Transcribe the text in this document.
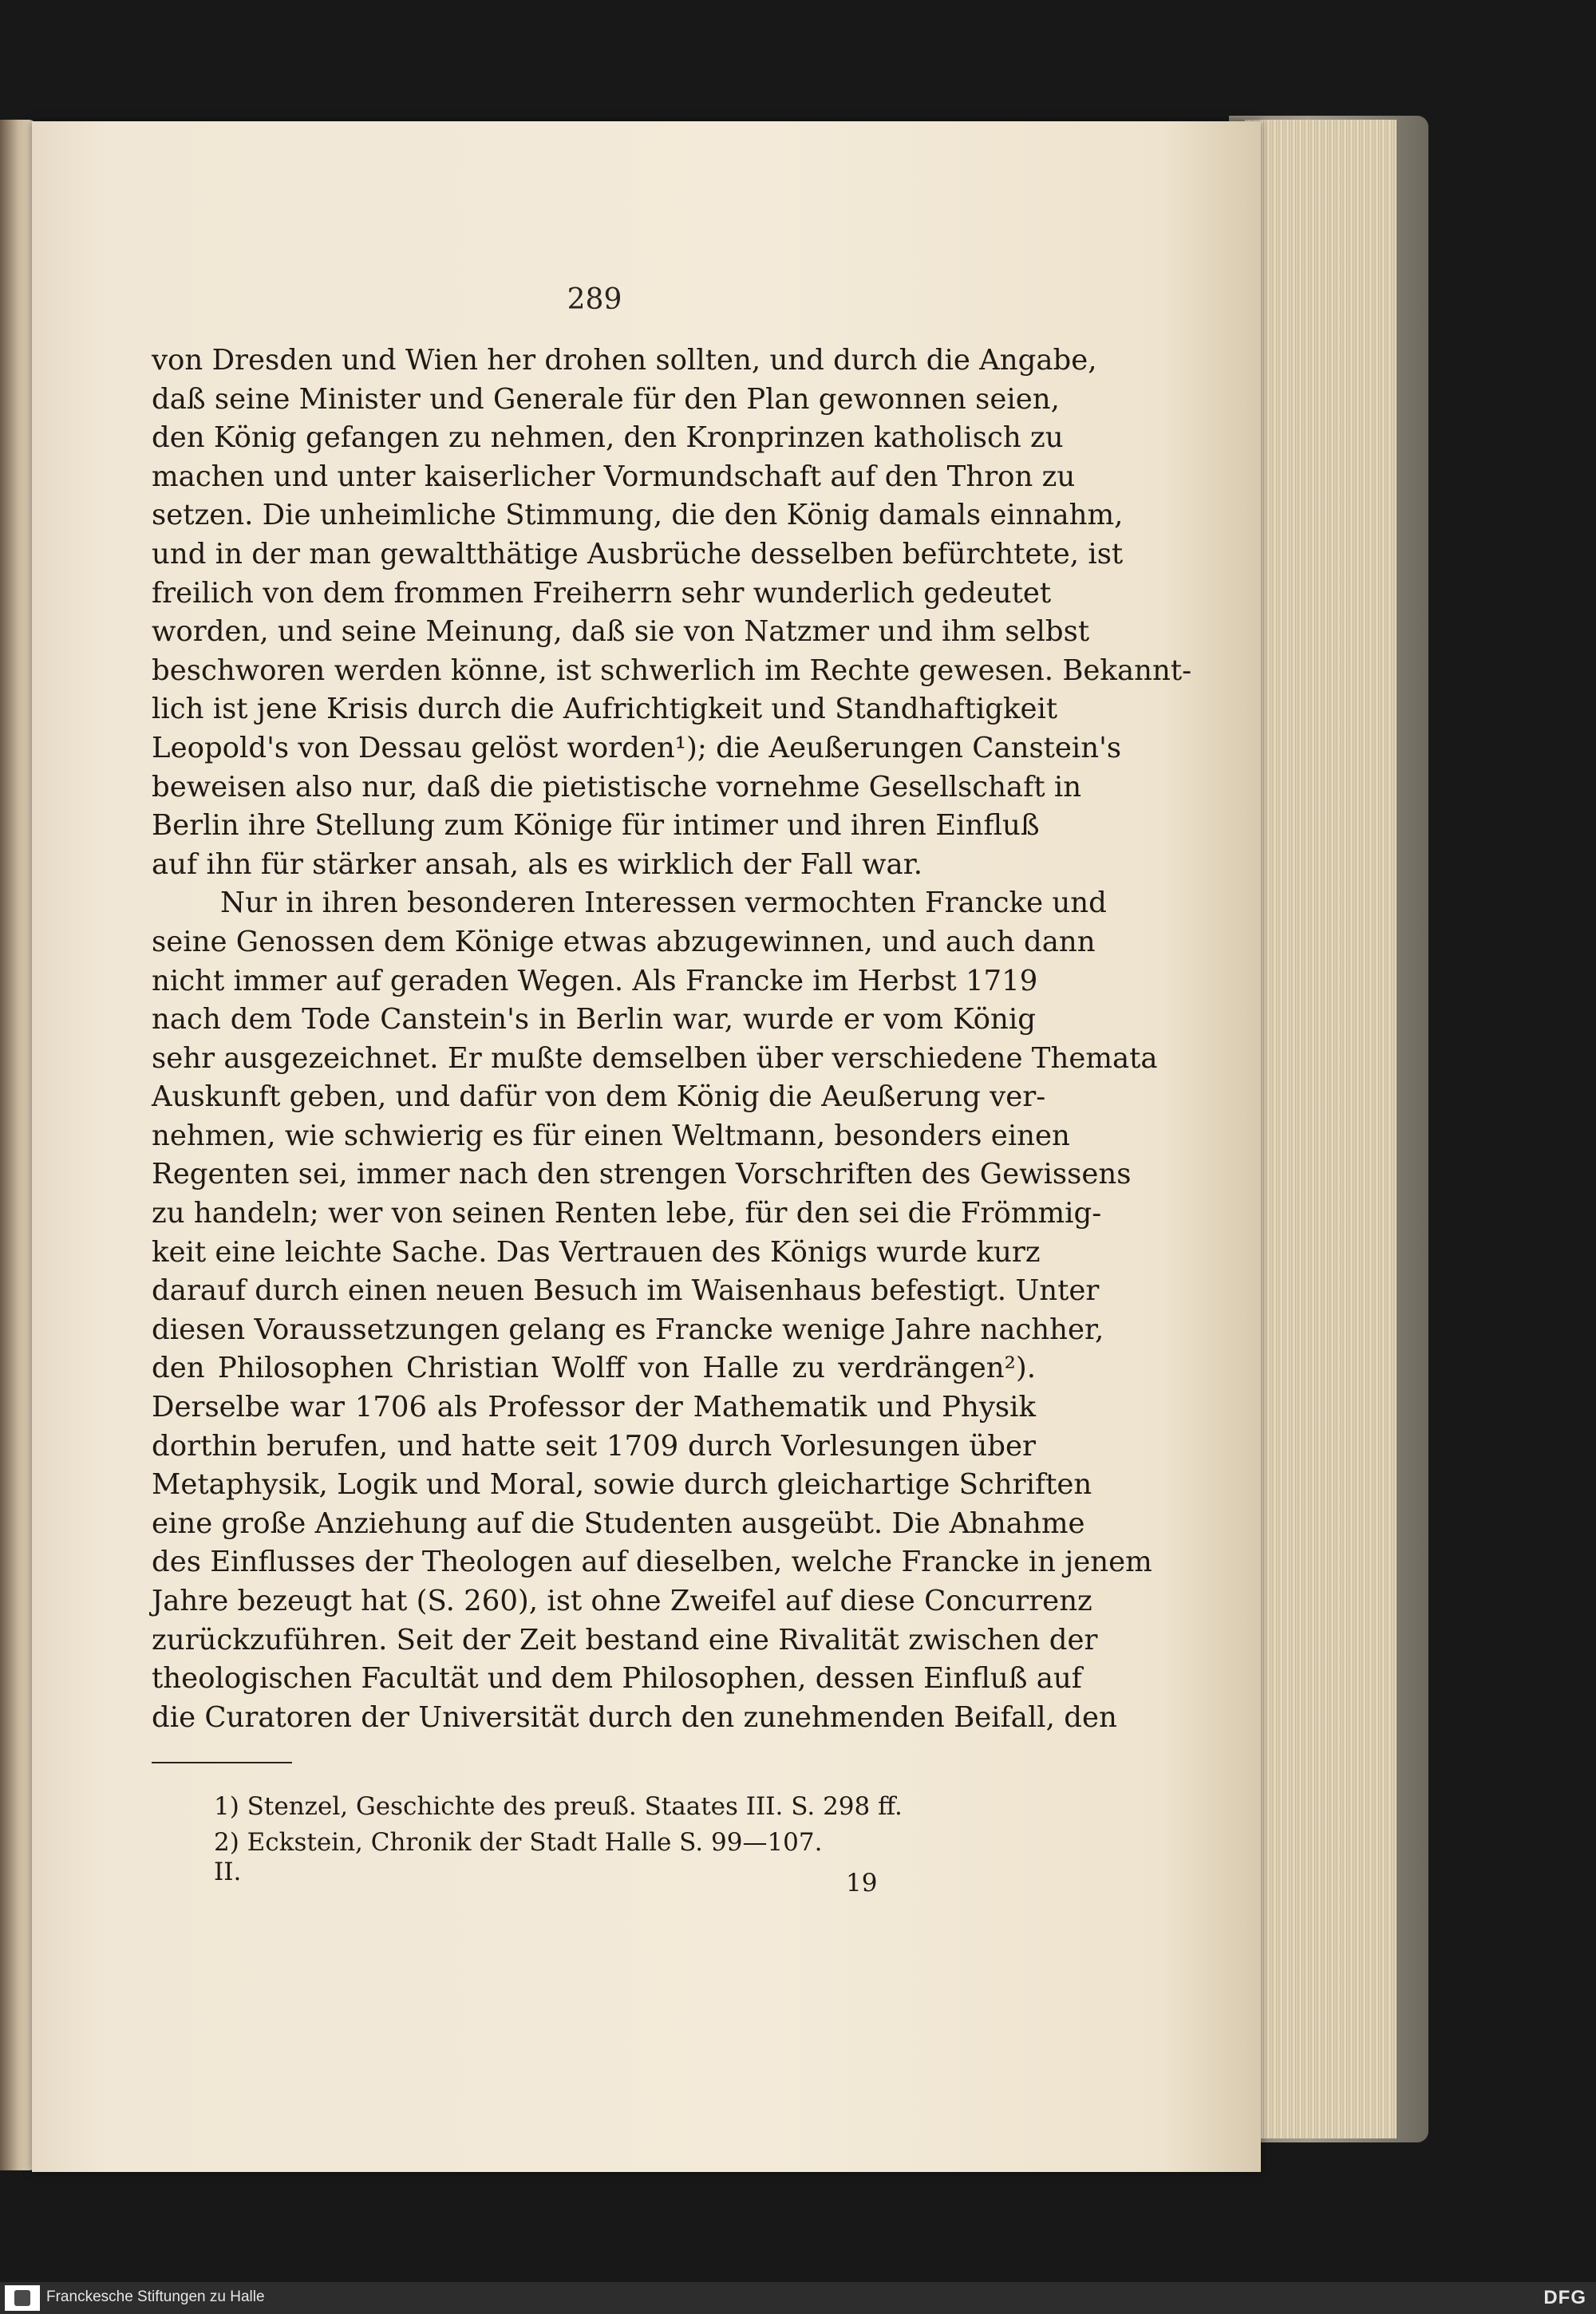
289
von Dresden und Wien her drohen sollten, und durch die Angabe,
daß seine Minister und Generale für den Plan gewonnen seien,
den König gefangen zu nehmen, den Kronprinzen katholisch zu
machen und unter kaiserlicher Vormundschaft auf den Thron zu
setzen. Die unheimliche Stimmung, die den König damals einnahm,
und in der man gewaltthätige Ausbrüche desselben befürchtete, ist
freilich von dem frommen Freiherrn sehr wunderlich gedeutet
worden, und seine Meinung, daß sie von Natzmer und ihm selbst
beschworen werden könne, ist schwerlich im Rechte gewesen. Bekannt-
lich ist jene Krisis durch die Aufrichtigkeit und Standhaftigkeit
Leopold's von Dessau gelöst worden¹); die Aeußerungen Canstein's
beweisen also nur, daß die pietistische vornehme Gesellschaft in
Berlin ihre Stellung zum Könige für intimer und ihren Einfluß
auf ihn für stärker ansah, als es wirklich der Fall war.
Nur in ihren besonderen Interessen vermochten Francke und
seine Genossen dem Könige etwas abzugewinnen, und auch dann
nicht immer auf geraden Wegen. Als Francke im Herbst 1719
nach dem Tode Canstein's in Berlin war, wurde er vom König
sehr ausgezeichnet. Er mußte demselben über verschiedene Themata
Auskunft geben, und dafür von dem König die Aeußerung ver-
nehmen, wie schwierig es für einen Weltmann, besonders einen
Regenten sei, immer nach den strengen Vorschriften des Gewissens
zu handeln; wer von seinen Renten lebe, für den sei die Frömmig-
keit eine leichte Sache. Das Vertrauen des Königs wurde kurz
darauf durch einen neuen Besuch im Waisenhaus befestigt. Unter
diesen Voraussetzungen gelang es Francke wenige Jahre nachher,
den Philosophen Christian Wolff von Halle zu verdrängen²).
Derselbe war 1706 als Professor der Mathematik und Physik
dorthin berufen, und hatte seit 1709 durch Vorlesungen über
Metaphysik, Logik und Moral, sowie durch gleichartige Schriften
eine große Anziehung auf die Studenten ausgeübt. Die Abnahme
des Einflusses der Theologen auf dieselben, welche Francke in jenem
Jahre bezeugt hat (S. 260), ist ohne Zweifel auf diese Concurrenz
zurückzuführen. Seit der Zeit bestand eine Rivalität zwischen der
theologischen Facultät und dem Philosophen, dessen Einfluß auf
die Curatoren der Universität durch den zunehmenden Beifall, den
1) Stenzel, Geschichte des preuß. Staates III. S. 298 ff.
2) Eckstein, Chronik der Stadt Halle S. 99—107.
II.	19
Franckesche Stiftungen zu Halle	DFG
